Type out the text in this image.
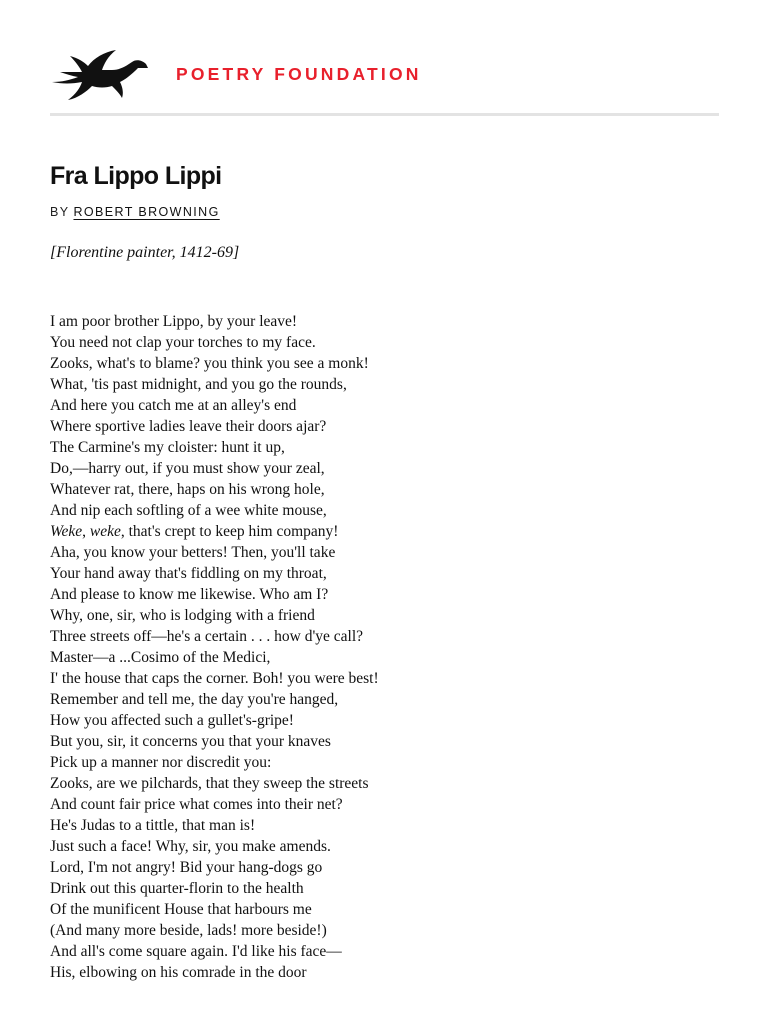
POETRY FOUNDATION
Fra Lippo Lippi
BY ROBERT BROWNING
[Florentine painter, 1412-69]
I am poor brother Lippo, by your leave!
You need not clap your torches to my face.
Zooks, what's to blame? you think you see a monk!
What, 'tis past midnight, and you go the rounds,
And here you catch me at an alley's end
Where sportive ladies leave their doors ajar?
The Carmine's my cloister: hunt it up,
Do,—harry out, if you must show your zeal,
Whatever rat, there, haps on his wrong hole,
And nip each softling of a wee white mouse,
Weke, weke, that's crept to keep him company!
Aha, you know your betters! Then, you'll take
Your hand away that's fiddling on my throat,
And please to know me likewise. Who am I?
Why, one, sir, who is lodging with a friend
Three streets off—he's a certain . . . how d'ye call?
Master—a ...Cosimo of the Medici,
I' the house that caps the corner. Boh! you were best!
Remember and tell me, the day you're hanged,
How you affected such a gullet's-gripe!
But you, sir, it concerns you that your knaves
Pick up a manner nor discredit you:
Zooks, are we pilchards, that they sweep the streets
And count fair price what comes into their net?
He's Judas to a tittle, that man is!
Just such a face! Why, sir, you make amends.
Lord, I'm not angry! Bid your hang-dogs go
Drink out this quarter-florin to the health
Of the munificent House that harbours me
(And many more beside, lads! more beside!)
And all's come square again. I'd like his face—
His, elbowing on his comrade in the door
